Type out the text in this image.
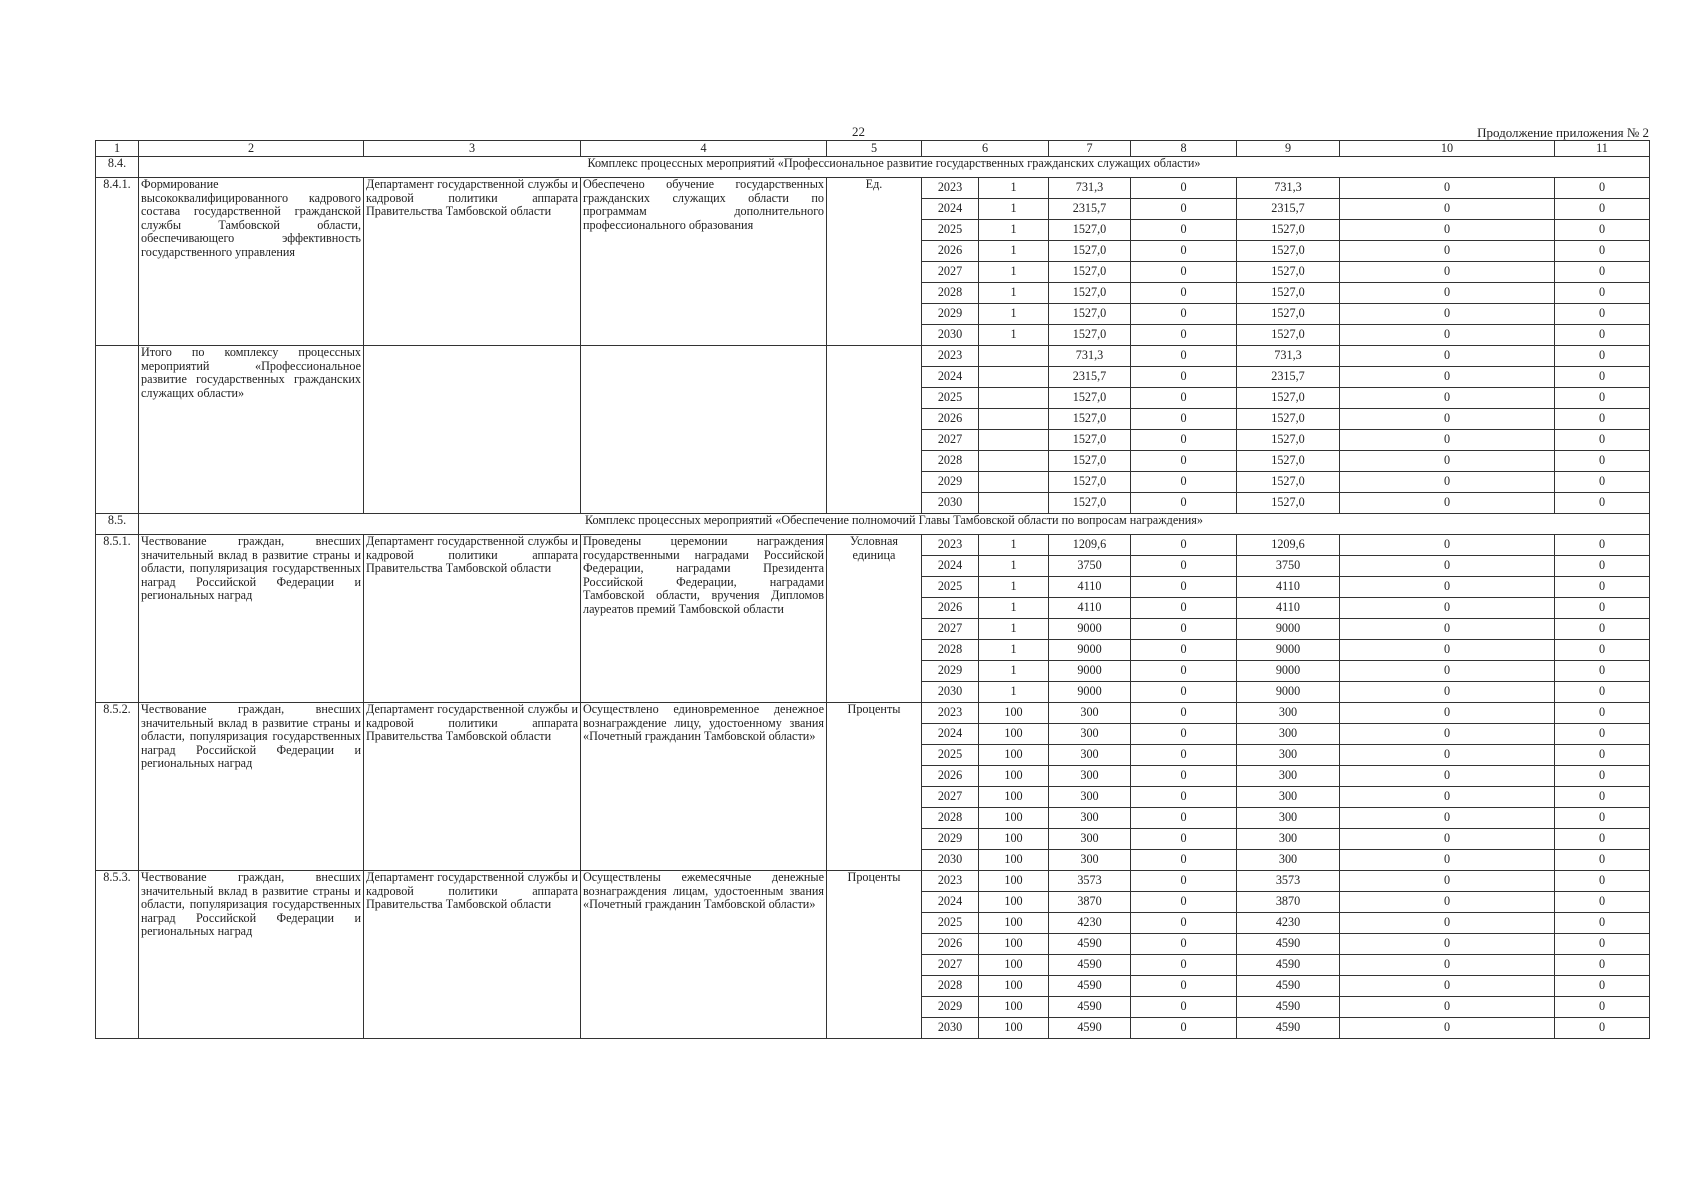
22	Продолжение приложения № 2
1	2	3	4	5	6		7	8	9	10	11
8.4.	Комплекс процессных мероприятий «Профессиональное развитие государственных гражданских служащих области»										
8.4.1.	Формирование высококвалифицированного кадрового состава государственной гражданской службы Тамбовской области, обеспечивающего эффективность государственного управления	Департамент государственной службы и кадровой политики аппарата Правительства Тамбовской области	Обеспечено обучение государственных гражданских служащих области по программам дополнительного профессионального образования	Ед.	2023	1	731,3	0	731,3	0	0
					2024	1	2315,7	0	2315,7	0	0
					2025	1	1527,0	0	1527,0	0	0
					2026	1	1527,0	0	1527,0	0	0
					2027	1	1527,0	0	1527,0	0	0
					2028	1	1527,0	0	1527,0	0	0
					2029	1	1527,0	0	1527,0	0	0
					2030	1	1527,0	0	1527,0	0	0
	Итого по комплексу процессных мероприятий «Профессиональное развитие государственных гражданских служащих области»				2023		731,3	0	731,3	0	0
					2024		2315,7	0	2315,7	0	0
					2025		1527,0	0	1527,0	0	0
					2026		1527,0	0	1527,0	0	0
					2027		1527,0	0	1527,0	0	0
					2028		1527,0	0	1527,0	0	0
					2029		1527,0	0	1527,0	0	0
					2030		1527,0	0	1527,0	0	0
8.5.	Комплекс процессных мероприятий «Обеспечение полномочий Главы Тамбовской области по вопросам награждения»										
8.5.1.	Чествование граждан, внесших значительный вклад в развитие страны и области, популяризация государственных наград Российской Федерации и региональных наград	Департамент государственной службы и кадровой политики аппарата Правительства Тамбовской области	Проведены церемонии награждения государственными наградами Российской Федерации, наградами Президента Российской Федерации, наградами Тамбовской области, вручения Дипломов лауреатов премий Тамбовской области	Условная единица	2023	1	1209,6	0	1209,6	0	0
					2024	1	3750	0	3750	0	0
					2025	1	4110	0	4110	0	0
					2026	1	4110	0	4110	0	0
					2027	1	9000	0	9000	0	0
					2028	1	9000	0	9000	0	0
					2029	1	9000	0	9000	0	0
					2030	1	9000	0	9000	0	0
8.5.2.	Чествование граждан, внесших значительный вклад в развитие страны и области, популяризация государственных наград Российской Федерации и региональных наград	Департамент государственной службы и кадровой политики аппарата Правительства Тамбовской области	Осуществлено единовременное денежное вознаграждение лицу, удостоенному звания «Почетный гражданин Тамбовской области»	Проценты	2023	100	300	0	300	0	0
					2024	100	300	0	300	0	0
					2025	100	300	0	300	0	0
					2026	100	300	0	300	0	0
					2027	100	300	0	300	0	0
					2028	100	300	0	300	0	0
					2029	100	300	0	300	0	0
					2030	100	300	0	300	0	0
8.5.3.	Чествование граждан, внесших значительный вклад в развитие страны и области, популяризация государственных наград Российской Федерации и региональных наград	Департамент государственной службы и кадровой политики аппарата Правительства Тамбовской области	Осуществлены ежемесячные денежные вознаграждения лицам, удостоенным звания «Почетный гражданин Тамбовской области»	Проценты	2023	100	3573	0	3573	0	0
					2024	100	3870	0	3870	0	0
					2025	100	4230	0	4230	0	0
					2026	100	4590	0	4590	0	0
					2027	100	4590	0	4590	0	0
					2028	100	4590	0	4590	0	0
					2029	100	4590	0	4590	0	0
					2030	100	4590	0	4590	0	0
